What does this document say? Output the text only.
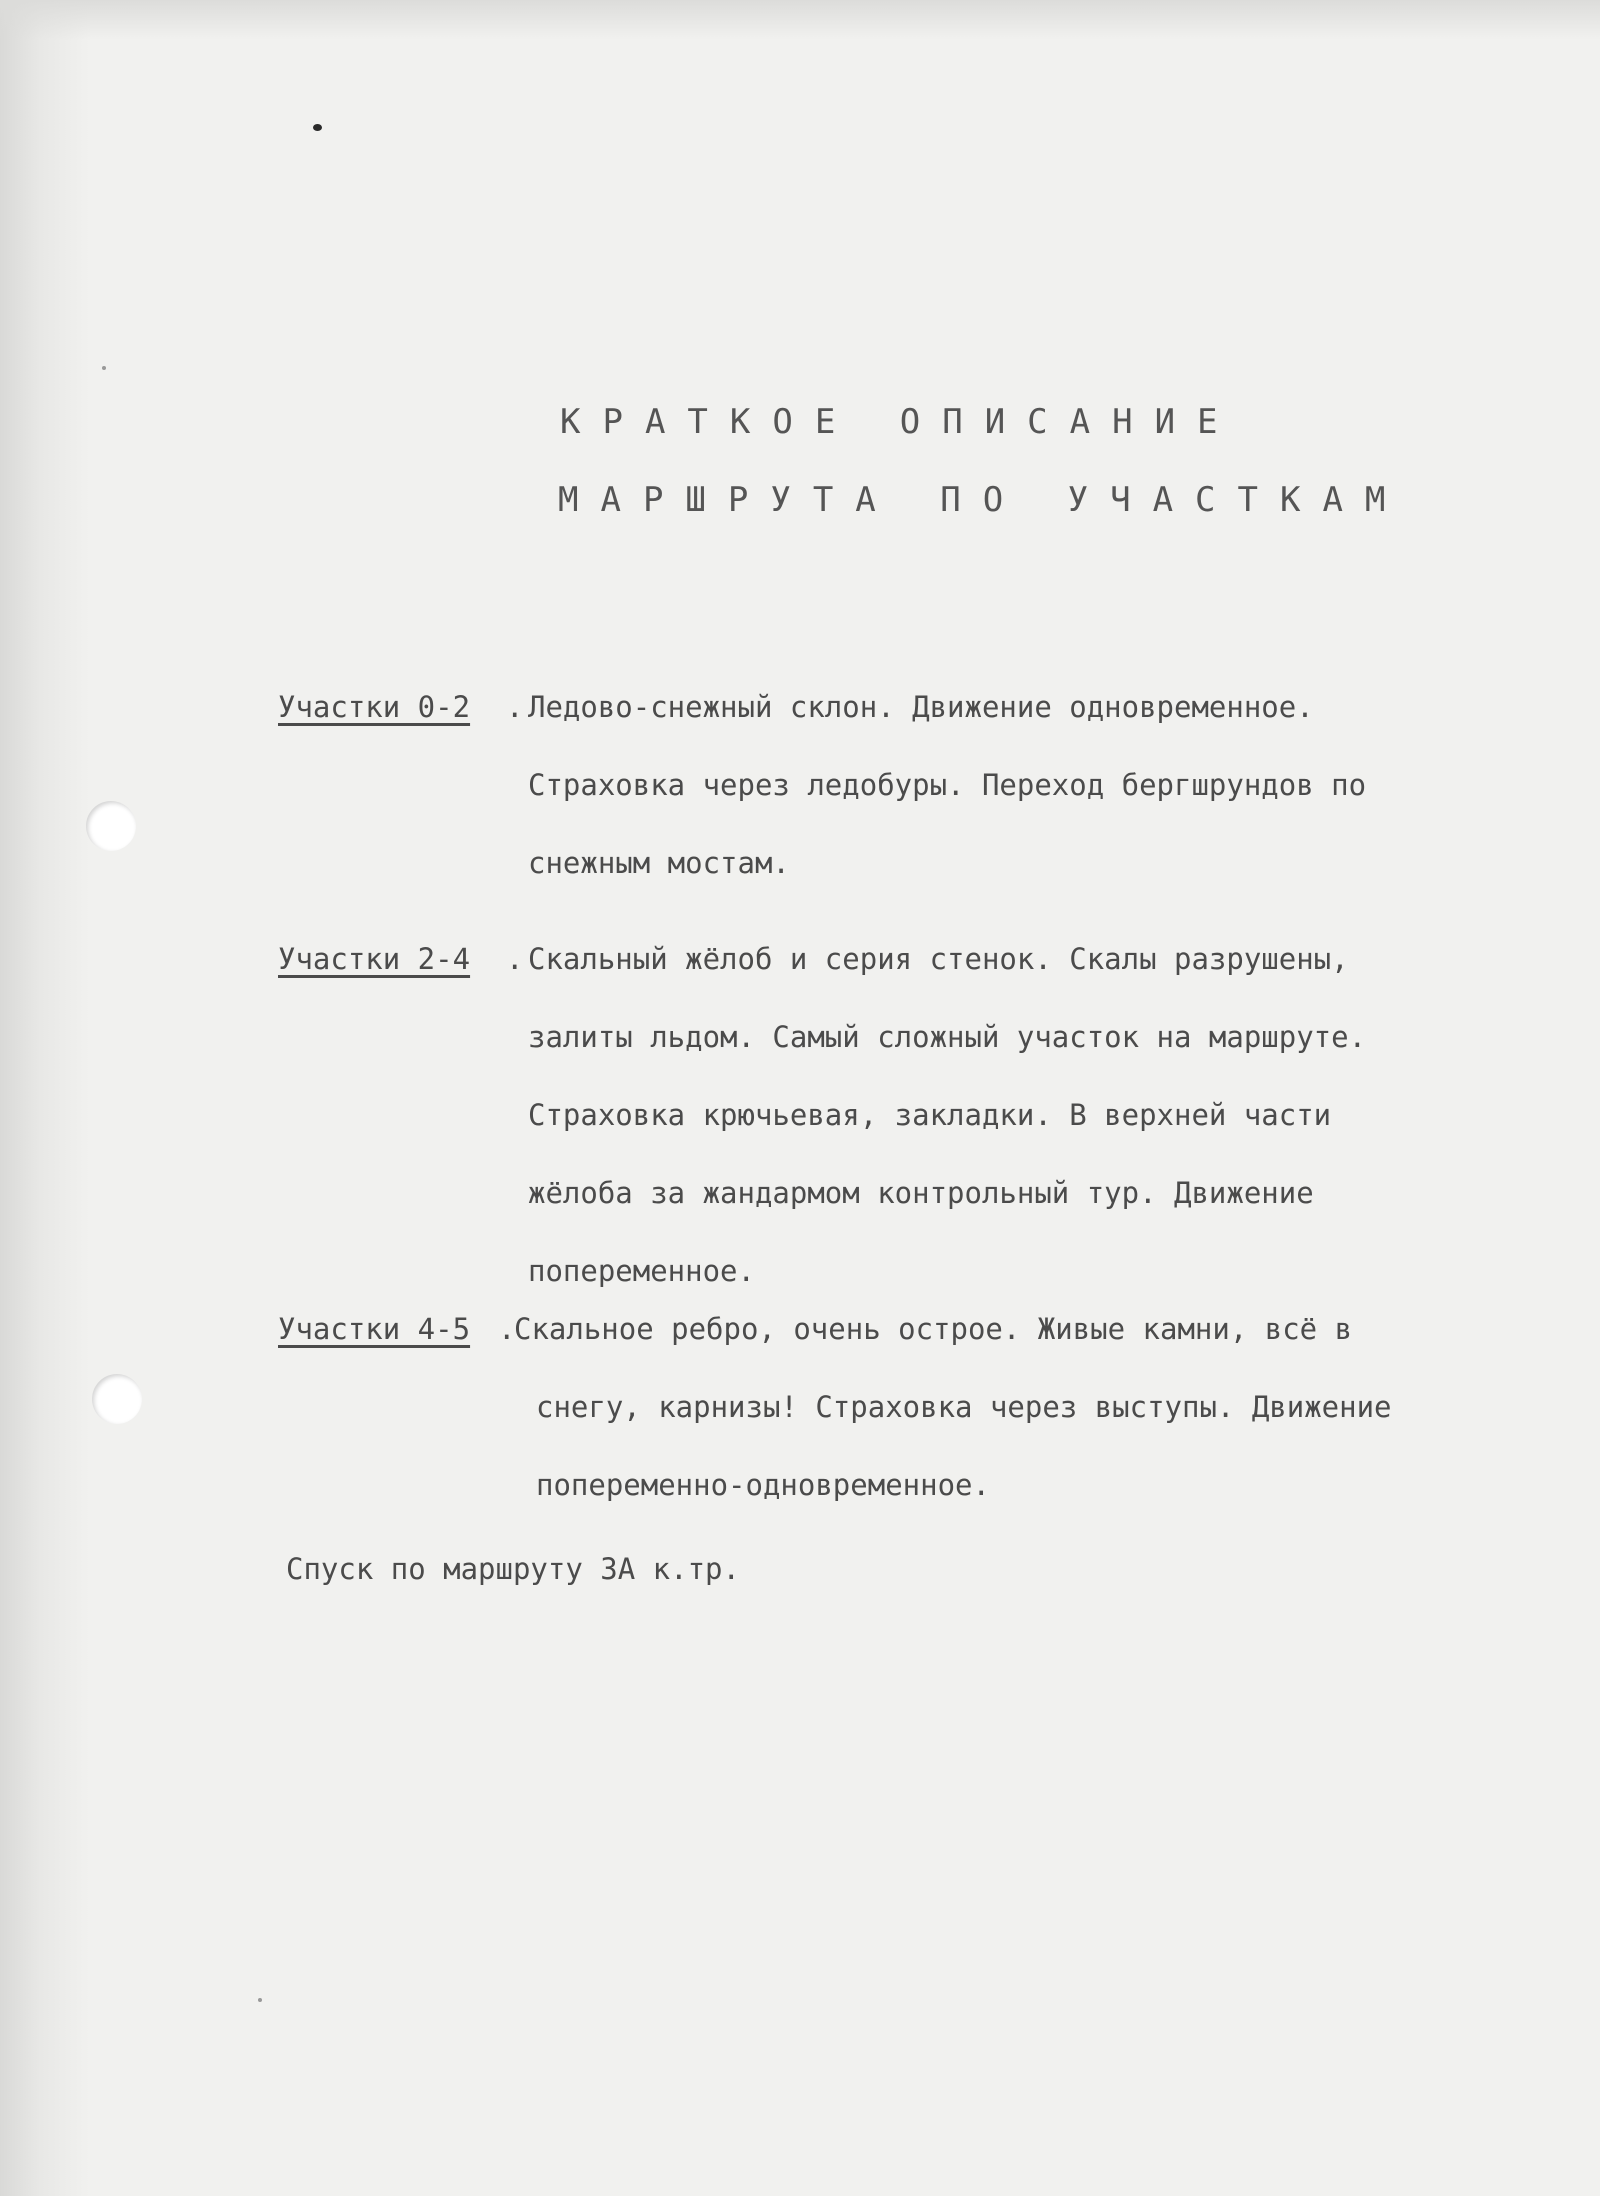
КРАТКОЕ ОПИСАНИЕ
МАРШРУТА ПО УЧАСТКАМ
Участки 0-2 . Ледово-снежный склон. Движение одновременное.
Страховка через ледобуры. Переход бергшрундов по
снежным мостам.
Участки 2-4 . Скальный жёлоб и серия стенок. Скалы разрушены,
залиты льдом. Самый сложный участок на маршруте.
Страховка крючьевая, закладки. В верхней части
жёлоба за жандармом контрольный тур. Движение
попеременное.
Участки 4-5 .
Скальное ребро, очень острое. Живые камни, всё в
снегу, карнизы! Страховка через выступы. Движение
попеременно-одновременное.
Спуск по маршруту 3А к.тр.
